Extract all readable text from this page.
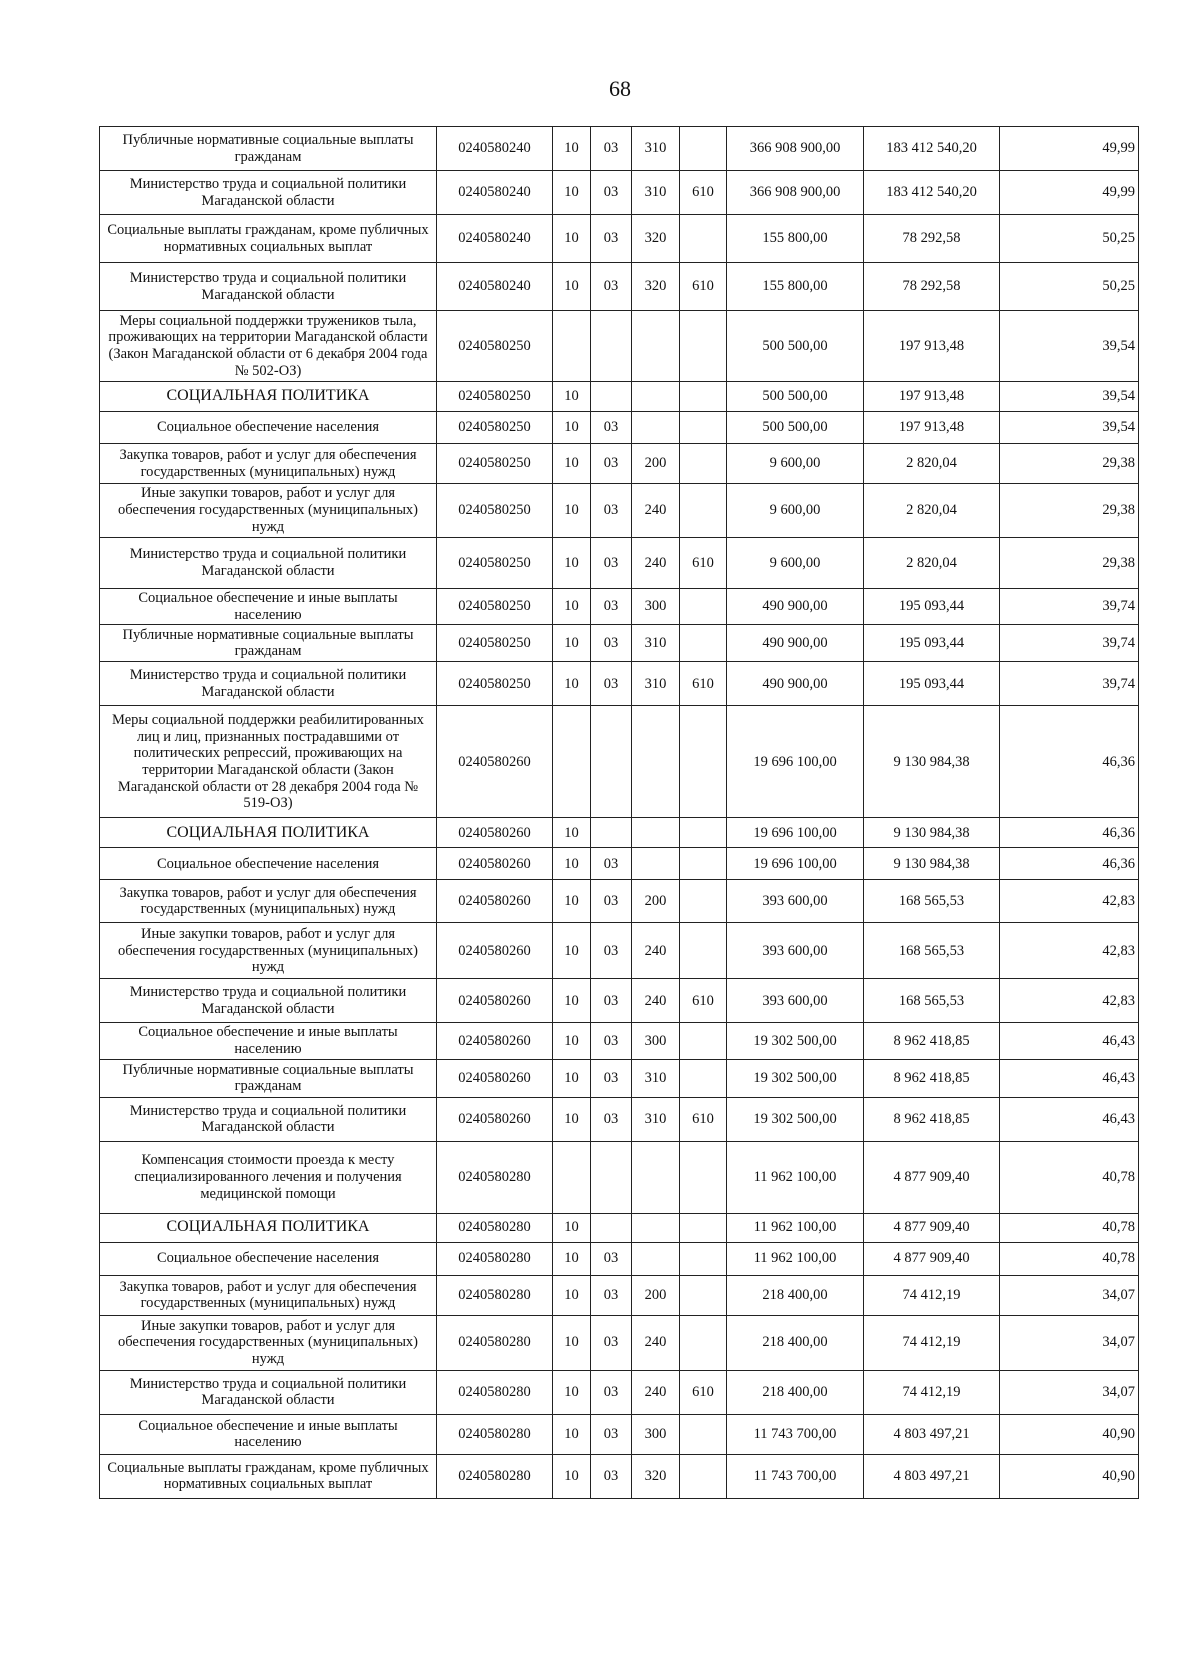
68
Публичные нормативные социальные выплаты гражданам	0240580240	10	03	310		366 908 900,00	183 412 540,20	49,99
Министерство труда и социальной политики Магаданской области	0240580240	10	03	310	610	366 908 900,00	183 412 540,20	49,99
Социальные выплаты гражданам, кроме публичных нормативных социальных выплат	0240580240	10	03	320		155 800,00	78 292,58	50,25
Министерство труда и социальной политики Магаданской области	0240580240	10	03	320	610	155 800,00	78 292,58	50,25
Меры социальной поддержки тружеников тыла, проживающих на территории Магаданской области (Закон Магаданской области от 6 декабря 2004 года № 502-ОЗ)	0240580250					500 500,00	197 913,48	39,54
СОЦИАЛЬНАЯ ПОЛИТИКА	0240580250	10				500 500,00	197 913,48	39,54
Социальное обеспечение населения	0240580250	10	03			500 500,00	197 913,48	39,54
Закупка товаров, работ и услуг для обеспечения государственных (муниципальных) нужд	0240580250	10	03	200		9 600,00	2 820,04	29,38
Иные закупки товаров, работ и услуг для обеспечения государственных (муниципальных) нужд	0240580250	10	03	240		9 600,00	2 820,04	29,38
Министерство труда и социальной политики Магаданской области	0240580250	10	03	240	610	9 600,00	2 820,04	29,38
Социальное обеспечение и иные выплаты населению	0240580250	10	03	300		490 900,00	195 093,44	39,74
Публичные нормативные социальные выплаты гражданам	0240580250	10	03	310		490 900,00	195 093,44	39,74
Министерство труда и социальной политики Магаданской области	0240580250	10	03	310	610	490 900,00	195 093,44	39,74
Меры социальной поддержки реабилитированных лиц и лиц, признанных пострадавшими от политических репрессий, проживающих на территории Магаданской области (Закон Магаданской области от 28 декабря 2004 года № 519-ОЗ)	0240580260					19 696 100,00	9 130 984,38	46,36
СОЦИАЛЬНАЯ ПОЛИТИКА	0240580260	10				19 696 100,00	9 130 984,38	46,36
Социальное обеспечение населения	0240580260	10	03			19 696 100,00	9 130 984,38	46,36
Закупка товаров, работ и услуг для обеспечения государственных (муниципальных) нужд	0240580260	10	03	200		393 600,00	168 565,53	42,83
Иные закупки товаров, работ и услуг для обеспечения государственных (муниципальных) нужд	0240580260	10	03	240		393 600,00	168 565,53	42,83
Министерство труда и социальной политики Магаданской области	0240580260	10	03	240	610	393 600,00	168 565,53	42,83
Социальное обеспечение и иные выплаты населению	0240580260	10	03	300		19 302 500,00	8 962 418,85	46,43
Публичные нормативные социальные выплаты гражданам	0240580260	10	03	310		19 302 500,00	8 962 418,85	46,43
Министерство труда и социальной политики Магаданской области	0240580260	10	03	310	610	19 302 500,00	8 962 418,85	46,43
Компенсация стоимости проезда к месту специализированного лечения и получения медицинской помощи	0240580280					11 962 100,00	4 877 909,40	40,78
СОЦИАЛЬНАЯ ПОЛИТИКА	0240580280	10				11 962 100,00	4 877 909,40	40,78
Социальное обеспечение населения	0240580280	10	03			11 962 100,00	4 877 909,40	40,78
Закупка товаров, работ и услуг для обеспечения государственных (муниципальных) нужд	0240580280	10	03	200		218 400,00	74 412,19	34,07
Иные закупки товаров, работ и услуг для обеспечения государственных (муниципальных) нужд	0240580280	10	03	240		218 400,00	74 412,19	34,07
Министерство труда и социальной политики Магаданской области	0240580280	10	03	240	610	218 400,00	74 412,19	34,07
Социальное обеспечение и иные выплаты населению	0240580280	10	03	300		11 743 700,00	4 803 497,21	40,90
Социальные выплаты гражданам, кроме публичных нормативных социальных выплат	0240580280	10	03	320		11 743 700,00	4 803 497,21	40,90
